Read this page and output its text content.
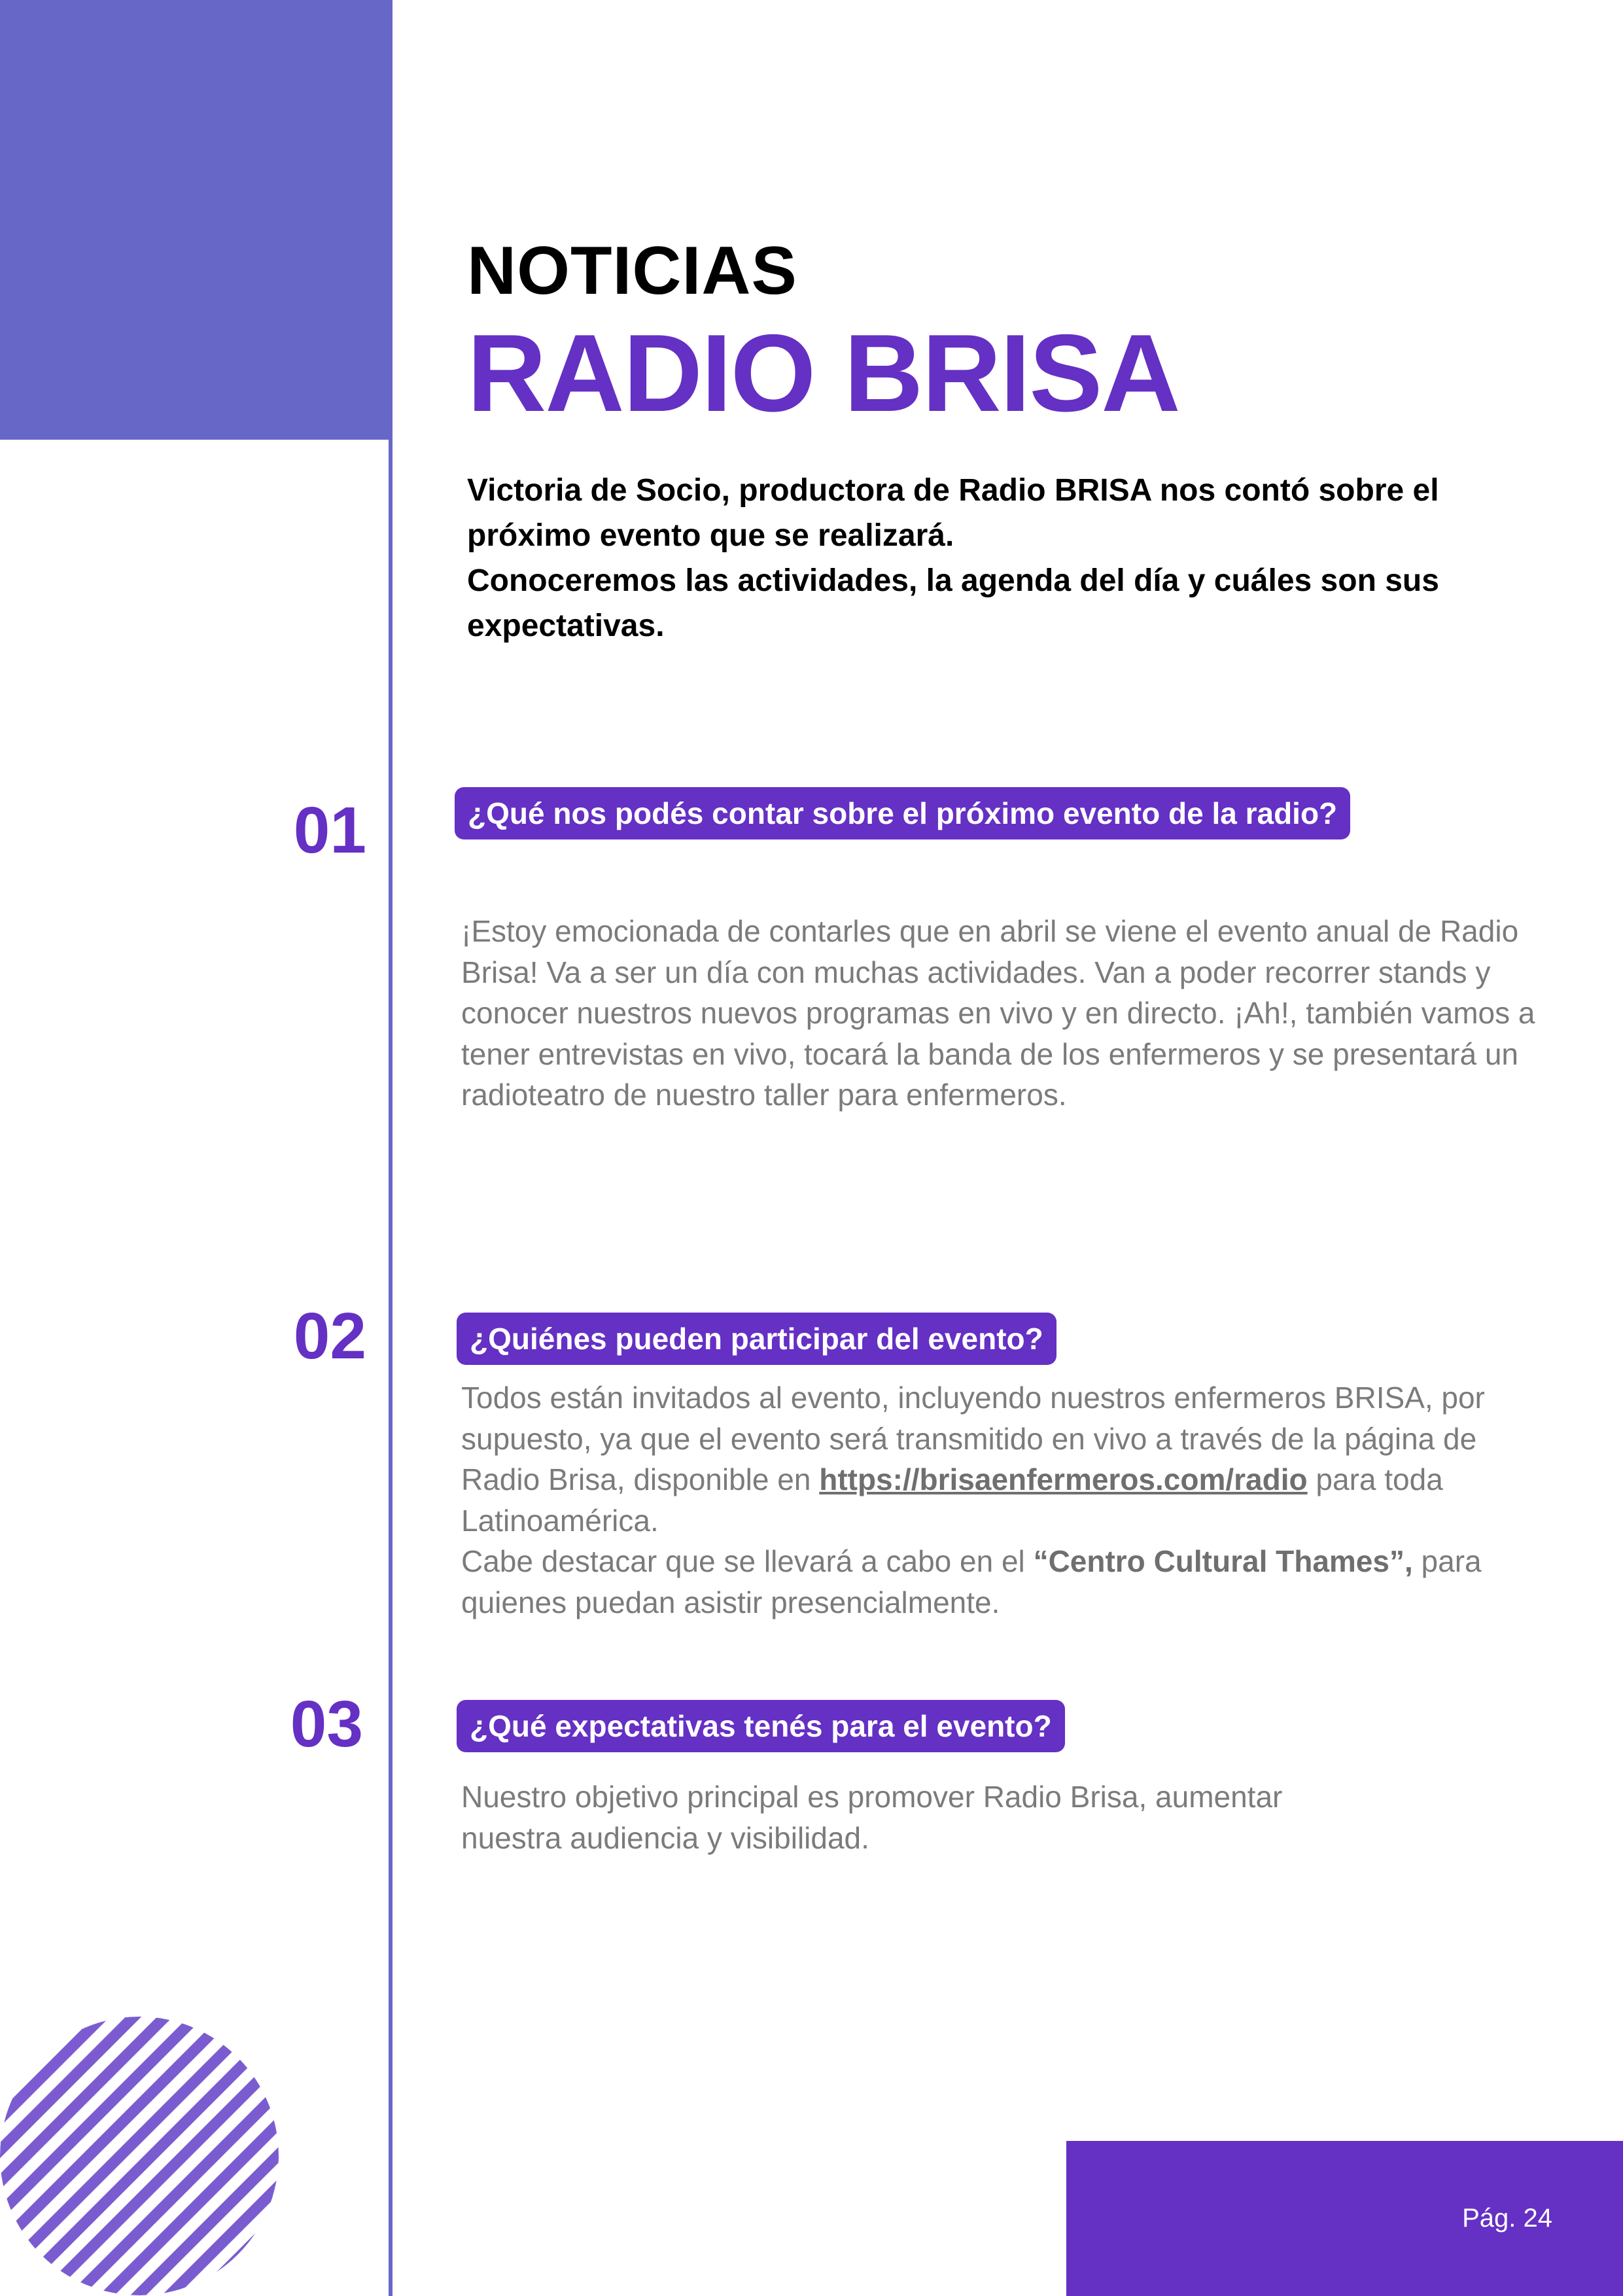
NOTICIAS
RADIO BRISA

Victoria de Socio, productora de Radio BRISA nos contó sobre el próximo evento que se realizará.

Conoceremos las actividades, la agenda del día y cuáles son sus expectativas.

01	¿Qué nos podés contar sobre el próximo evento de la radio?

¡Estoy emocionada de contarles que en abril se viene el evento anual de Radio Brisa! Va a ser un día con muchas actividades. Van a poder recorrer stands y conocer nuestros nuevos programas en vivo y en directo. ¡Ah!, también vamos a tener entrevistas en vivo, tocará la banda de los enfermeros y se presentará un radioteatro de nuestro taller para enfermeros.

02	¿Quiénes pueden participar del evento?

Todos están invitados al evento, incluyendo nuestros enfermeros BRISA, por supuesto, ya que el evento será transmitido en vivo a través de la página de Radio Brisa, disponible en https://brisaenfermeros.com/radio para toda Latinoamérica.

Cabe destacar que se llevará a cabo en el “Centro Cultural Thames”, para quienes puedan asistir presencialmente.

03	¿Qué expectativas tenés para el evento?

Nuestro objetivo principal es promover Radio Brisa, aumentar nuestra audiencia y visibilidad.

Pág. 24
